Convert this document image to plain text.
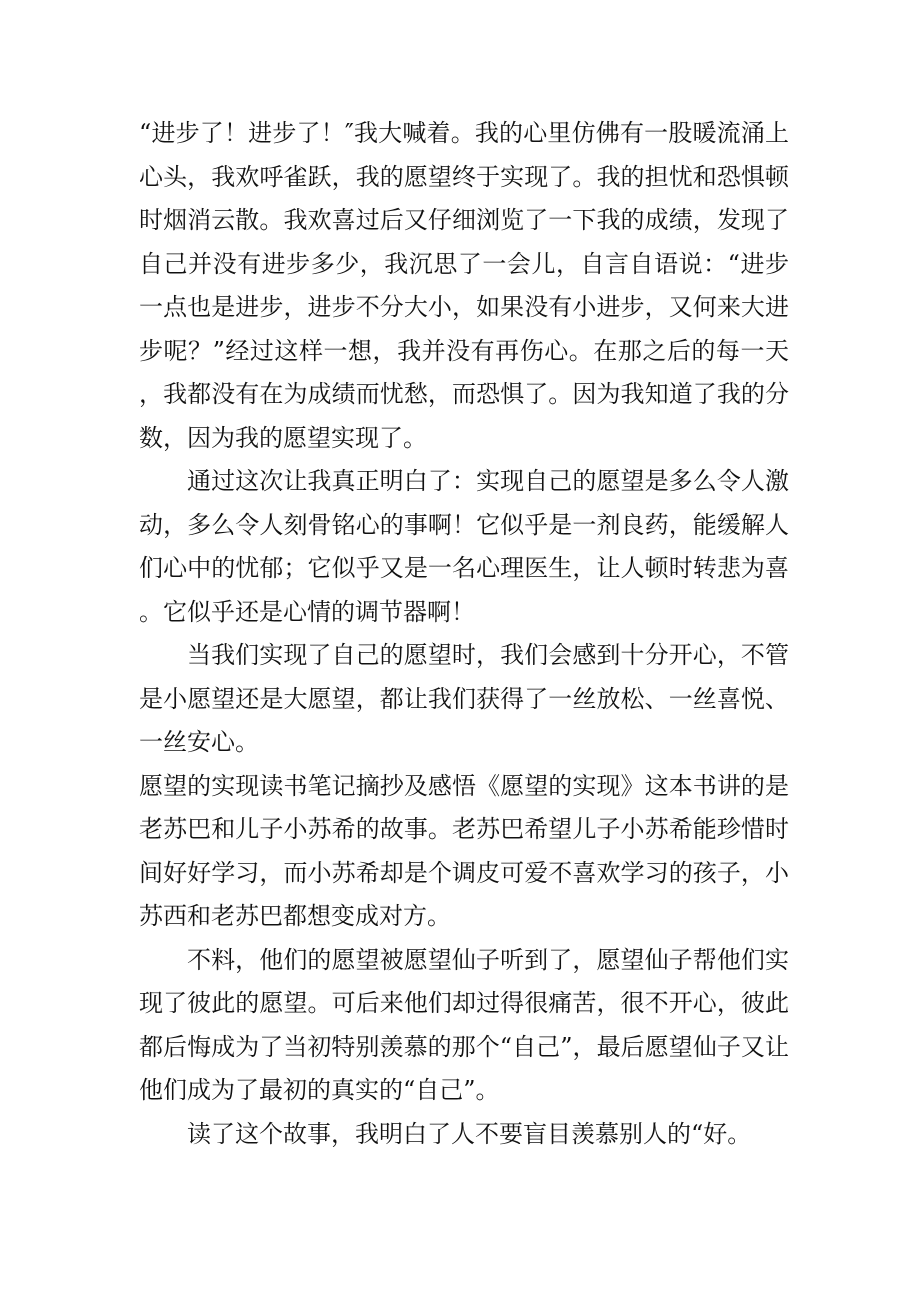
“进步了！进步了！″我大喊着。我的心里仿佛有一股暖流涌上心头，我欢呼雀跃，我的愿望终于实现了。我的担忧和恐惧顿时烟消云散。我欢喜过后又仔细浏览了一下我的成绩，发现了自己并没有进步多少，我沉思了一会儿，自言自语说：“进步一点也是进步，进步不分大小，如果没有小进步，又何来大进步呢？”经过这样一想，我并没有再伤心。在那之后的每一天，我都没有在为成绩而忧愁，而恐惧了。因为我知道了我的分数，因为我的愿望实现了。

通过这次让我真正明白了：实现自己的愿望是多么令人激动，多么令人刻骨铭心的事啊！它似乎是一剂良药，能缓解人们心中的忧郁；它似乎又是一名心理医生，让人顿时转悲为喜。它似乎还是心情的调节器啊！

当我们实现了自己的愿望时，我们会感到十分开心，不管是小愿望还是大愿望，都让我们获得了一丝放松、一丝喜悦、一丝安心。

愿望的实现读书笔记摘抄及感悟《愿望的实现》这本书讲的是老苏巴和儿子小苏希的故事。老苏巴希望儿子小苏希能珍惜时间好好学习，而小苏希却是个调皮可爱不喜欢学习的孩子，小苏西和老苏巴都想变成对方。

不料，他们的愿望被愿望仙子听到了，愿望仙子帮他们实现了彼此的愿望。可后来他们却过得很痛苦，很不开心，彼此都后悔成为了当初特别羡慕的那个“自己”，最后愿望仙子又让他们成为了最初的真实的“自己”。

读了这个故事，我明白了人不要盲目羡慕别人的“好。
